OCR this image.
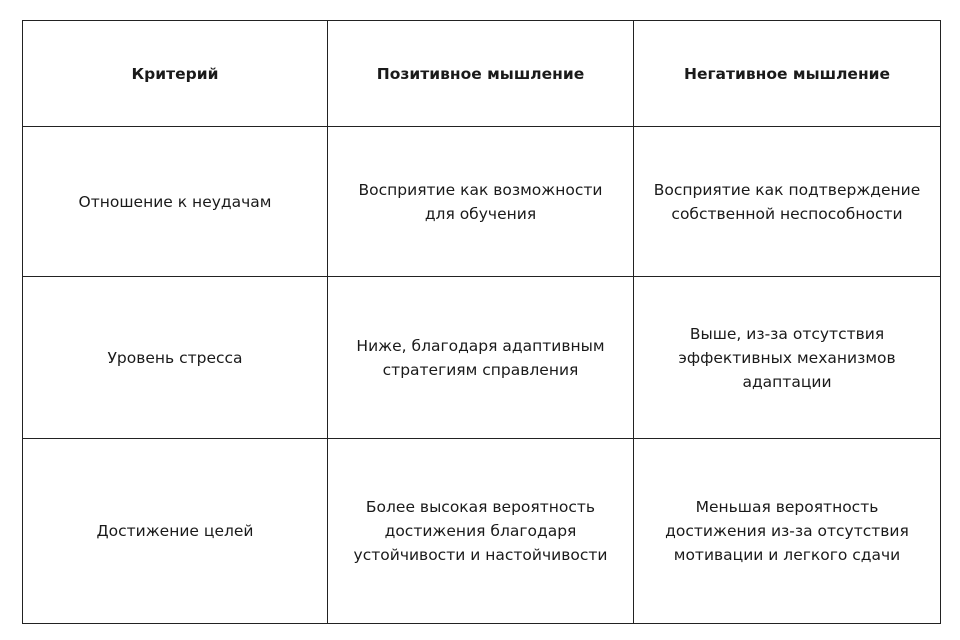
Критерий	Позитивное мышление	Негативное мышление
Отношение к неудачам	Восприятие как возможности для обучения	Восприятие как подтверждение собственной неспособности
Уровень стресса	Ниже, благодаря адаптивным стратегиям справления	Выше, из-за отсутствия эффективных механизмов адаптации
Достижение целей	Более высокая вероятность достижения благодаря устойчивости и настойчивости	Меньшая вероятность достижения из-за отсутствия мотивации и легкого сдачи
